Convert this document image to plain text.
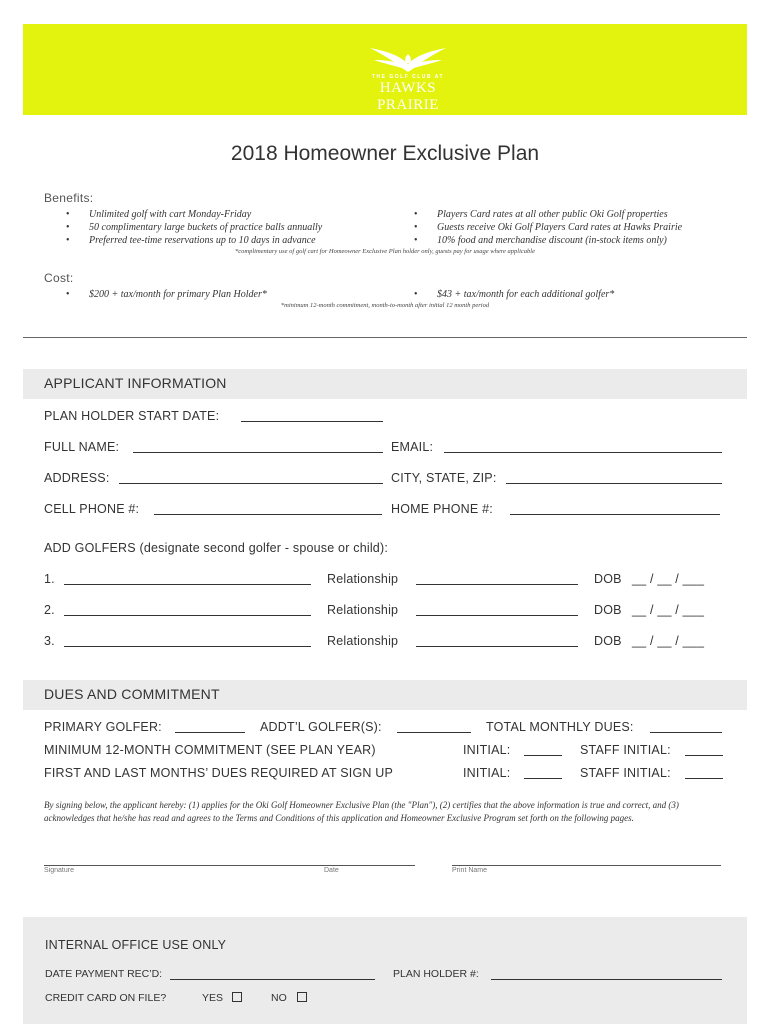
THE GOLF CLUB AT
HAWKS PRAIRIE
2018 Homeowner Exclusive Plan
Benefits:
• Unlimited golf with cart Monday-Friday
• 50 complimentary large buckets of practice balls annually
• Preferred tee-time reservations up to 10 days in advance
• Players Card rates at all other public Oki Golf properties
• Guests receive Oki Golf Players Card rates at Hawks Prairie
• 10% food and merchandise discount (in-stock items only)
*complimentary use of golf cart for Homeowner Exclusive Plan holder only, guests pay for usage where applicable
Cost:
• $200 + tax/month for primary Plan Holder*
•	$43 + tax/month for each additional golfer*
*minimum 12-month commitment, month-to-month after initial 12 month period
APPLICANT INFORMATION
PLAN HOLDER START DATE:
FULL NAME:	EMAIL:
ADDRESS:	CITY, STATE, ZIP:
CELL PHONE #:	HOME PHONE #:
ADD GOLFERS (designate second golfer - spouse or child):
1.	Relationship	DOB __ / __ / ___
2.	Relationship	DOB __ / __ / ___
3.	Relationship	DOB __ / __ / ___
DUES AND COMMITMENT
PRIMARY GOLFER:	ADDT’L GOLFER(S):	TOTAL MONTHLY DUES:
MINIMUM 12-MONTH COMMITMENT (SEE PLAN YEAR)	INITIAL:	STAFF INITIAL:
FIRST AND LAST MONTHS’ DUES REQUIRED AT SIGN UP	INITIAL:	STAFF INITIAL:
By signing below, the applicant hereby: (1) applies for the Oki Golf Homeowner Exclusive Plan (the "Plan"), (2) certifies that the above information is true and correct, and (3) acknowledges that he/she has read and agrees to the Terms and Conditions of this application and Homeowner Exclusive Program set forth on the following pages.
Signature	Date	Print Name
INTERNAL OFFICE USE ONLY
DATE PAYMENT REC’D:	PLAN HOLDER #:
CREDIT CARD ON FILE?	YES	NO
